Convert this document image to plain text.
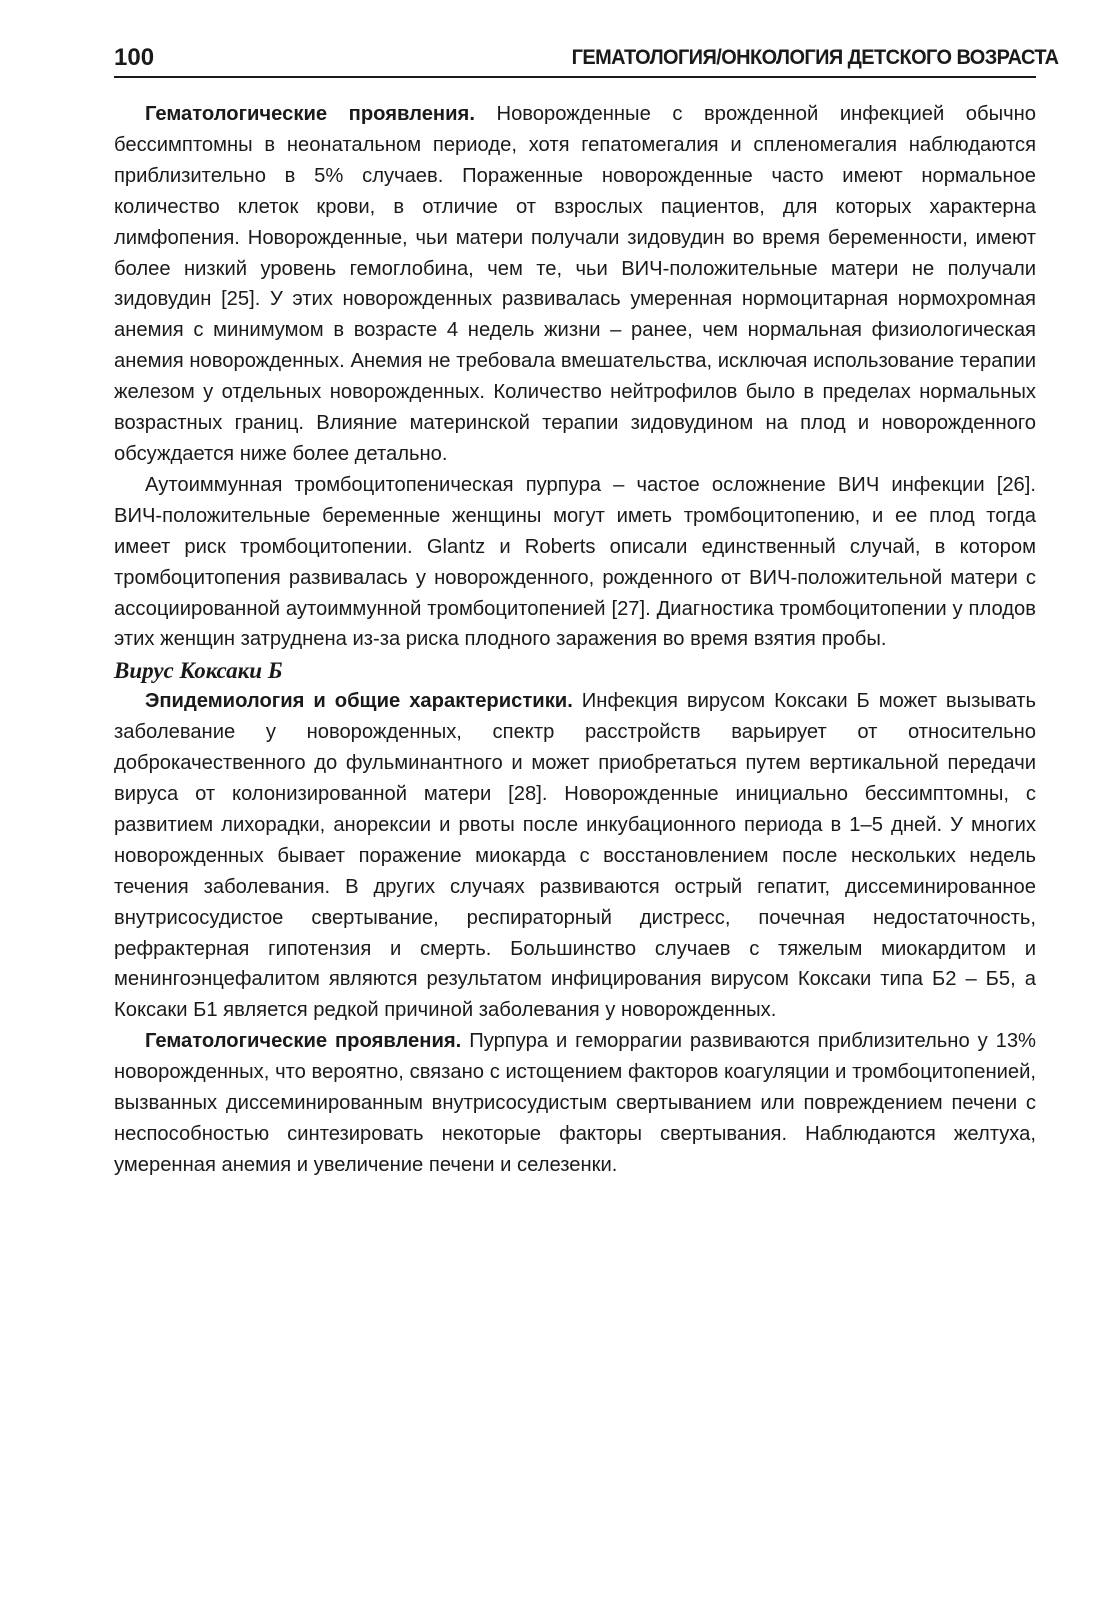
100	ГЕМАТОЛОГИЯ/ОНКОЛОГИЯ ДЕТСКОГО ВОЗРАСТА

Гематологические проявления. Новорожденные с врожденной инфекцией обычно бессимптомны в неонатальном периоде, хотя гепатомегалия и спленомегалия наблюдаются приблизительно в 5% случаев. Пораженные новорожденные часто имеют нормальное количество клеток крови, в отличие от взрослых пациентов, для которых характерна лимфопения. Новорожденные, чьи матери получали зидовудин во время беременности, имеют более низкий уровень гемоглобина, чем те, чьи ВИЧ-положительные матери не получали зидовудин [25]. У этих новорожденных развивалась умеренная нормоцитарная нормохромная анемия с минимумом в возрасте 4 недель жизни – ранее, чем нормальная физиологическая анемия новорожденных. Анемия не требовала вмешательства, исключая использование терапии железом у отдельных новорожденных. Количество нейтрофилов было в пределах нормальных возрастных границ. Влияние материнской терапии зидовудином на плод и новорожденного обсуждается ниже более детально.

Аутоиммунная тромбоцитопеническая пурпура – частое осложнение ВИЧ инфекции [26]. ВИЧ-положительные беременные женщины могут иметь тромбоцитопению, и ее плод тогда имеет риск тромбоцитопении. Glantz и Roberts описали единственный случай, в котором тромбоцитопения развивалась у новорожденного, рожденного от ВИЧ-положительной матери с ассоциированной аутоиммунной тромбоцитопенией [27]. Диагностика тромбоцитопении у плодов этих женщин затруднена из-за риска плодного заражения во время взятия пробы.

Вирус Коксаки Б

Эпидемиология и общие характеристики. Инфекция вирусом Коксаки Б может вызывать заболевание у новорожденных, спектр расстройств варьирует от относительно доброкачественного до фульминантного и может приобретаться путем вертикальной передачи вируса от колонизированной матери [28]. Новорожденные инициально бессимптомны, с развитием лихорадки, анорексии и рвоты после инкубационного периода в 1–5 дней. У многих новорожденных бывает поражение миокарда с восстановлением после нескольких недель течения заболевания. В других случаях развиваются острый гепатит, диссеминированное внутрисосудистое свертывание, респираторный дистресс, почечная недостаточность, рефрактерная гипотензия и смерть. Большинство случаев с тяжелым миокардитом и менингоэнцефалитом являются результатом инфицирования вирусом Коксаки типа Б2 – Б5, а Коксаки Б1 является редкой причиной заболевания у новорожденных.

Гематологические проявления. Пурпура и геморрагии развиваются приблизительно у 13% новорожденных, что вероятно, связано с истощением факторов коагуляции и тромбоцитопенией, вызванных диссеминированным внутрисосудистым свертыванием или повреждением печени с неспособностью синтезировать некоторые факторы свертывания. Наблюдаются желтуха, умеренная анемия и увеличение печени и селезенки.
